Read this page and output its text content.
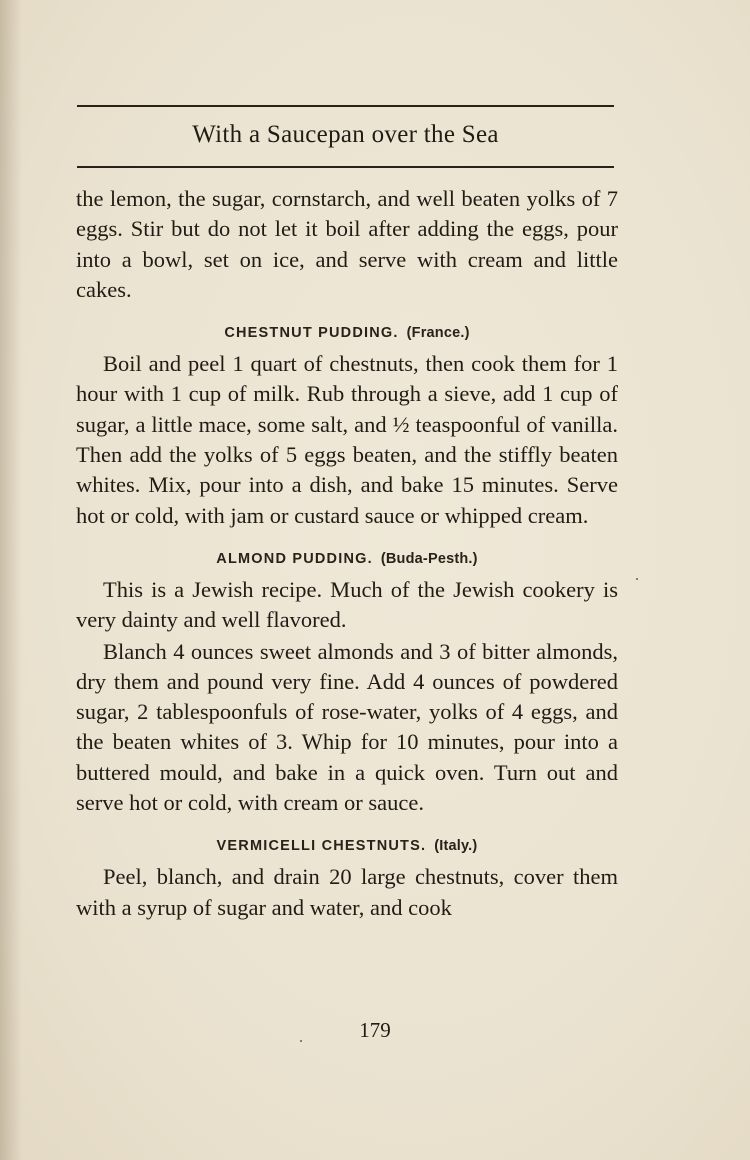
With a Saucepan over the Sea

the lemon, the sugar, cornstarch, and well beaten yolks of 7 eggs. Stir but do not let it boil after adding the eggs, pour into a bowl, set on ice, and serve with cream and little cakes.

CHESTNUT PUDDING. (France.)

Boil and peel 1 quart of chestnuts, then cook them for 1 hour with 1 cup of milk. Rub through a sieve, add 1 cup of sugar, a little mace, some salt, and ½ teaspoonful of vanilla. Then add the yolks of 5 eggs beaten, and the stiffly beaten whites. Mix, pour into a dish, and bake 15 minutes. Serve hot or cold, with jam or custard sauce or whipped cream.

ALMOND PUDDING. (Buda-Pesth.)

This is a Jewish recipe. Much of the Jewish cookery is very dainty and well flavored.

Blanch 4 ounces sweet almonds and 3 of bitter almonds, dry them and pound very fine. Add 4 ounces of powdered sugar, 2 tablespoonfuls of rose-water, yolks of 4 eggs, and the beaten whites of 3. Whip for 10 minutes, pour into a buttered mould, and bake in a quick oven. Turn out and serve hot or cold, with cream or sauce.

VERMICELLI CHESTNUTS. (Italy.)

Peel, blanch, and drain 20 large chestnuts, cover them with a syrup of sugar and water, and cook

179
